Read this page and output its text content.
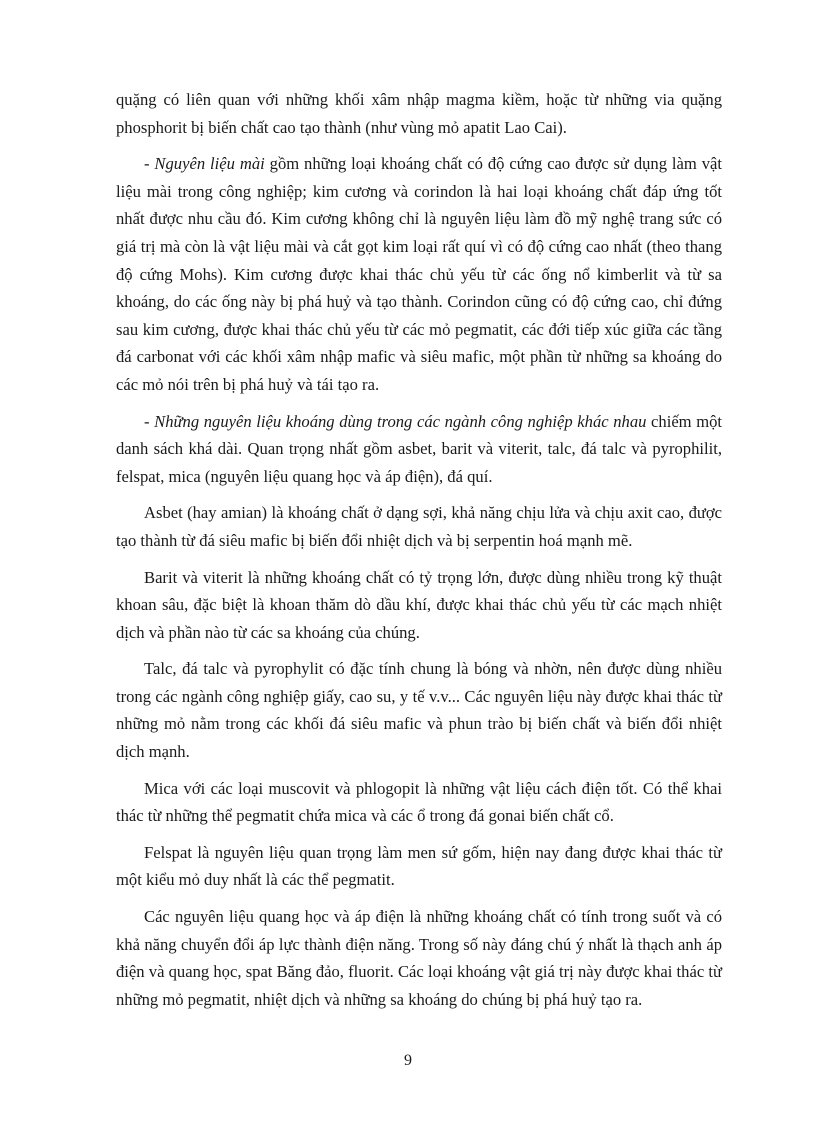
quặng có liên quan với những khối xâm nhập magma kiềm, hoặc từ những via quặng phosphorit bị biến chất cao tạo thành (như vùng mỏ apatit Lao Cai).

- Nguyên liệu mài gồm những loại khoáng chất có độ cứng cao được sử dụng làm vật liệu mài trong công nghiệp; kim cương và corindon là hai loại khoáng chất đáp ứng tốt nhất được nhu cầu đó. Kim cương không chỉ là nguyên liệu làm đồ mỹ nghệ trang sức có giá trị mà còn là vật liệu mài và cắt gọt kim loại rất quí vì có độ cứng cao nhất (theo thang độ cứng Mohs). Kim cương được khai thác chủ yếu từ các ống nổ kimberlit và từ sa khoáng, do các ống này bị phá huỷ và tạo thành. Corindon cũng có độ cứng cao, chỉ đứng sau kim cương, được khai thác chủ yếu từ các mỏ pegmatit, các đới tiếp xúc giữa các tầng đá carbonat với các khối xâm nhập mafic và siêu mafic, một phần từ những sa khoáng do các mỏ nói trên bị phá huỷ và tái tạo ra.

- Những nguyên liệu khoáng dùng trong các ngành công nghiệp khác nhau chiếm một danh sách khá dài. Quan trọng nhất gồm asbet, barit và viterit, talc, đá talc và pyrophilit, felspat, mica (nguyên liệu quang học và áp điện), đá quí.

Asbet (hay amian) là khoáng chất ở dạng sợi, khả năng chịu lửa và chịu axit cao, được tạo thành từ đá siêu mafic bị biến đổi nhiệt dịch và bị serpentin hoá mạnh mẽ.

Barit và viterit là những khoáng chất có tỷ trọng lớn, được dùng nhiều trong kỹ thuật khoan sâu, đặc biệt là khoan thăm dò dầu khí, được khai thác chủ yếu từ các mạch nhiệt dịch và phần nào từ các sa khoáng của chúng.

Talc, đá talc và pyrophylit có đặc tính chung là bóng và nhờn, nên được dùng nhiều trong các ngành công nghiệp giấy, cao su, y tế v.v... Các nguyên liệu này được khai thác từ những mỏ nằm trong các khối đá siêu mafic và phun trào bị biến chất và biến đổi nhiệt dịch mạnh.

Mica với các loại muscovit và phlogopit là những vật liệu cách điện tốt. Có thể khai thác từ những thể pegmatit chứa mica và các ổ trong đá gonai biến chất cổ.

Felspat là nguyên liệu quan trọng làm men sứ gốm, hiện nay đang được khai thác từ một kiểu mỏ duy nhất là các thể pegmatit.

Các nguyên liệu quang học và áp điện là những khoáng chất có tính trong suốt và có khả năng chuyển đổi áp lực thành điện năng. Trong số này đáng chú ý nhất là thạch anh áp điện và quang học, spat Băng đảo, fluorit. Các loại khoáng vật giá trị này được khai thác từ những mỏ pegmatit, nhiệt dịch và những sa khoáng do chúng bị phá huỷ tạo ra.

9
